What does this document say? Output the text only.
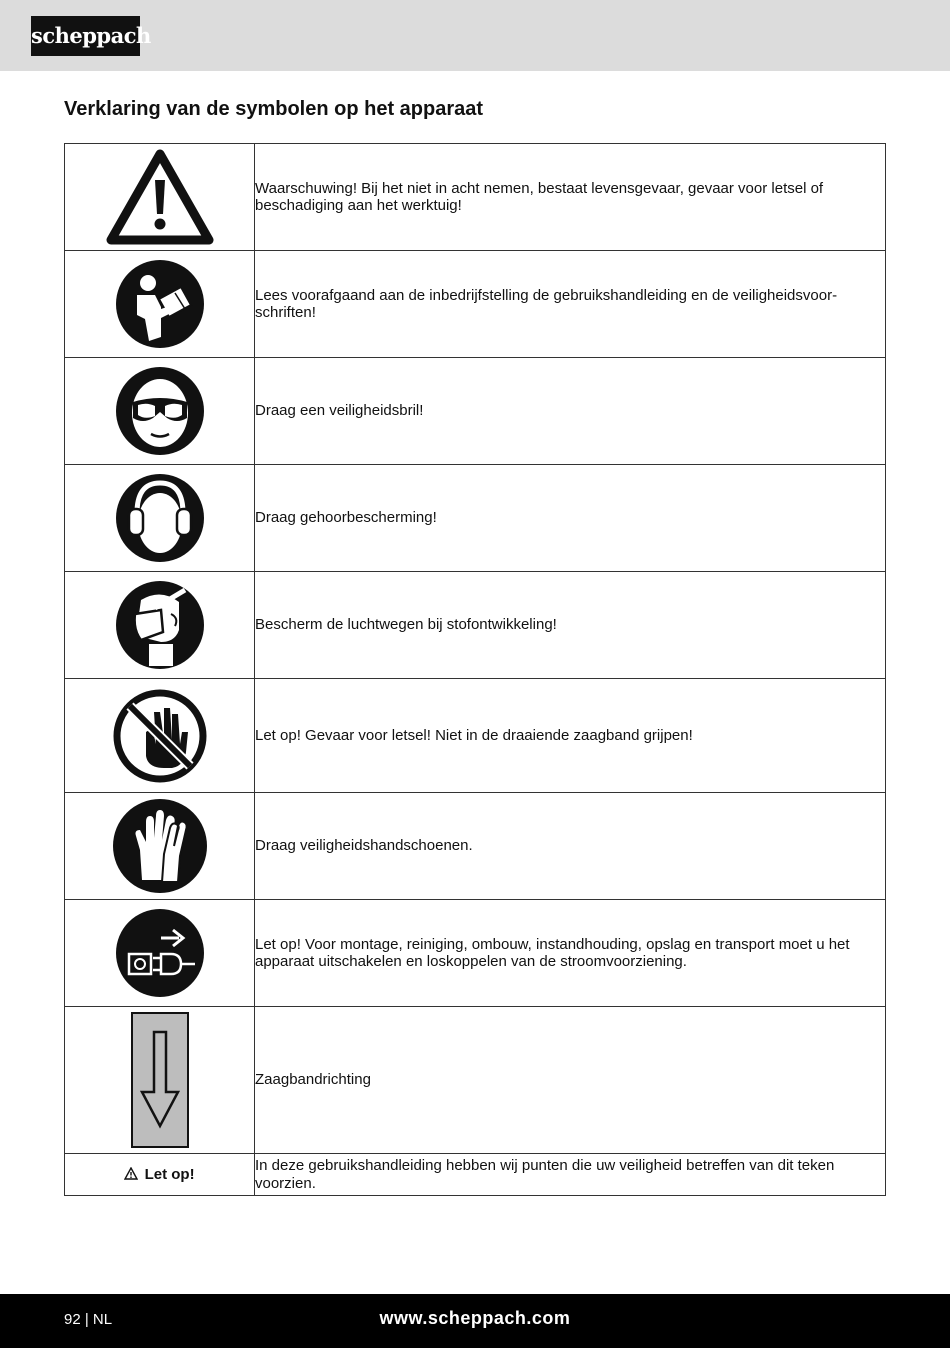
scheppach
Verklaring van de symbolen op het apparaat
	Waarschuwing! Bij het niet in acht nemen, bestaat levensgevaar, gevaar voor letsel of beschadiging aan het werktuig!

	Lees voorafgaand aan de inbedrijfstelling de gebruikshandleiding en de veiligheidsvoor-schriften!

	Draag een veiligheidsbril!

	Draag gehoorbescherming!

	Bescherm de luchtwegen bij stofontwikkeling!

	Let op! Gevaar voor letsel! Niet in de draaiende zaagband grijpen!

	Draag veiligheidshandschoenen.

	Let op! Voor montage, reiniging, ombouw, instandhouding, opslag en transport moet u het apparaat uitschakelen en loskoppelen van de stroomvoorziening.

	Zaagbandrichting
Let op!	In deze gebruikshandleiding hebben wij punten die uw veiligheid betreffen van dit teken voorzien.
92 | NL	www.scheppach.com
